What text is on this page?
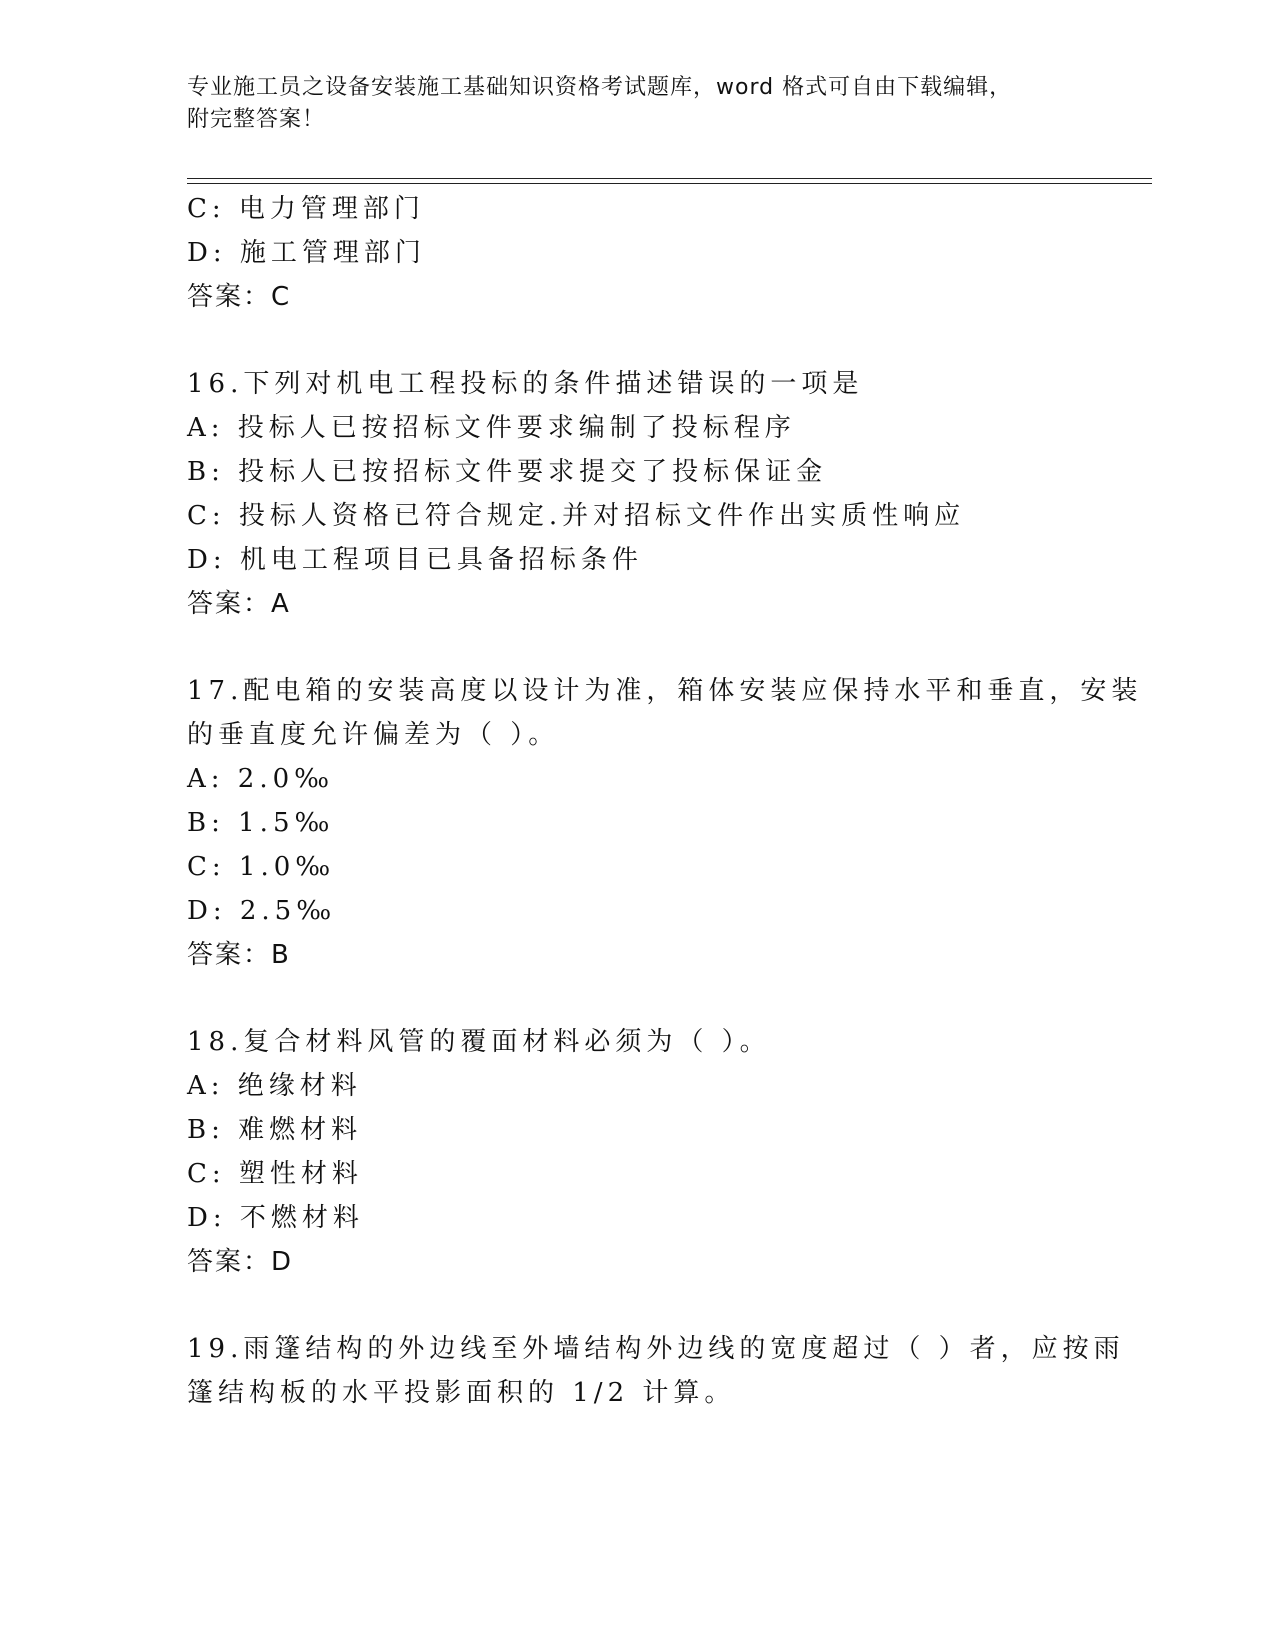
专业施工员之设备安装施工基础知识资格考试题库，word 格式可自由下载编辑，
附完整答案！
C: 电力管理部门
D: 施工管理部门
答案：C
16.下列对机电工程投标的条件描述错误的一项是
A: 投标人已按招标文件要求编制了投标程序
B: 投标人已按招标文件要求提交了投标保证金
C: 投标人资格已符合规定.并对招标文件作出实质性响应
D: 机电工程项目已具备招标条件
答案：A
17.配电箱的安装高度以设计为准，箱体安装应保持水平和垂直，安装
的垂直度允许偏差为（ ）。
A: 2.0‰
B: 1.5‰
C: 1.0‰
D: 2.5‰
答案：B
18.复合材料风管的覆面材料必须为（ ）。
A: 绝缘材料
B: 难燃材料
C: 塑性材料
D: 不燃材料
答案：D
19.雨篷结构的外边线至外墙结构外边线的宽度超过（ ）者，应按雨
篷结构板的水平投影面积的 1/2 计算。
